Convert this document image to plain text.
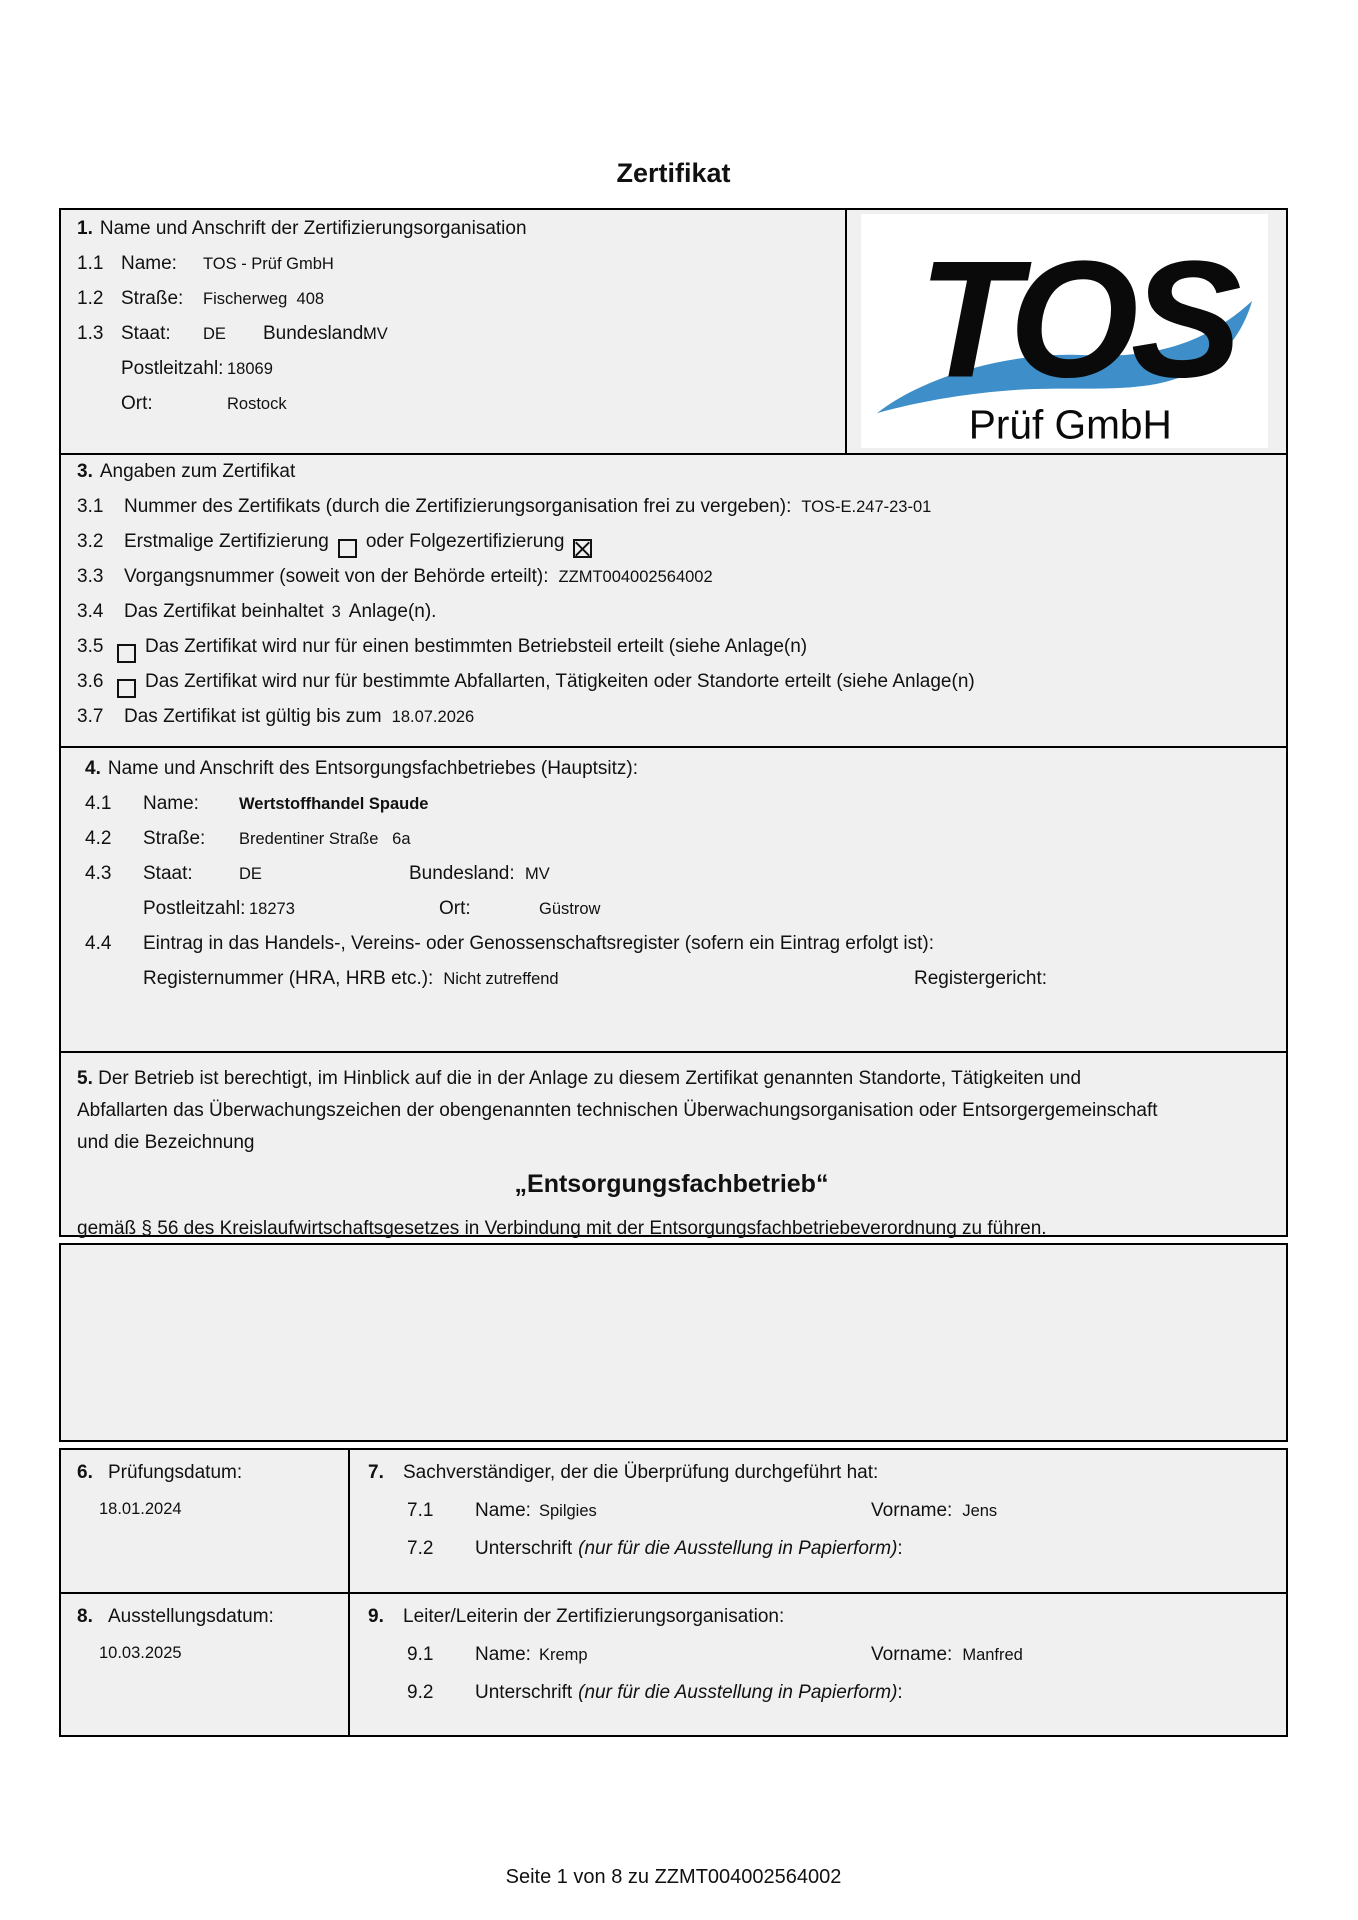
Zertifikat
1. Name und Anschrift der Zertifizierungsorganisation
1.1 Name:	TOS - Prüf GmbH
1.2 Straße:	Fischerweg  408
1.3 Staat:	DE	Bundesland:
MV
Postleitzahl: 18069
Ort:	Rostock	TOS
Prüf GmbH
3. Angaben zum Zertifikat
3.1	Nummer des Zertifikats (durch die Zertifizierungsorganisation frei zu vergeben): TOS-E.247-23-01
3.2	Erstmalige Zertifizierung oder Folgezertifizierung
3.3	Vorgangsnummer (soweit von der Behörde erteilt): ZZMT004002564002
3.4	Das Zertifikat beinhaltet 3 Anlage(n).
3.5	Das Zertifikat wird nur für einen bestimmten Betriebsteil erteilt (siehe Anlage(n)
3.6	Das Zertifikat wird nur für bestimmte Abfallarten, Tätigkeiten oder Standorte erteilt (siehe Anlage(n)
3.7	Das Zertifikat ist gültig bis zum 18.07.2026
4. Name und Anschrift des Entsorgungsfachbetriebes (Hauptsitz):
4.1	Name:	Wertstoffhandel Spaude
4.2	Straße:	Bredentiner Straße   6a
4.3	Staat:	DE	Bundesland: MV
Postleitzahl: 18273	Ort:	Güstrow
4.4	Eintrag in das Handels-, Vereins- oder Genossenschaftsregister (sofern ein Eintrag erfolgt ist):
Registernummer (HRA, HRB etc.): Nicht zutreffend	Registergericht:
5. Der Betrieb ist berechtigt, im Hinblick auf die in der Anlage zu diesem Zertifikat genannten Standorte, Tätigkeiten und
Abfallarten das Überwachungszeichen der obengenannten technischen Überwachungsorganisation oder Entsorgergemeinschaft
und die Bezeichnung
„Entsorgungsfachbetrieb“
gemäß § 56 des Kreislaufwirtschaftsgesetzes in Verbindung mit der Entsorgungsfachbetriebeverordnung zu führen.
6. Prüfungsdatum:
18.01.2024
7.	Sachverständiger, der die Überprüfung durchgeführt hat:
7.1	Name: Spilgies	Vorname: Jens
7.2	Unterschrift (nur für die Ausstellung in Papierform) :
8. Ausstellungsdatum:
10.03.2025
9.	Leiter/Leiterin der Zertifizierungsorganisation:
9.1	Name: Kremp	Vorname: Manfred
9.2	Unterschrift (nur für die Ausstellung in Papierform) :
Seite 1 von 8 zu ZZMT004002564002
